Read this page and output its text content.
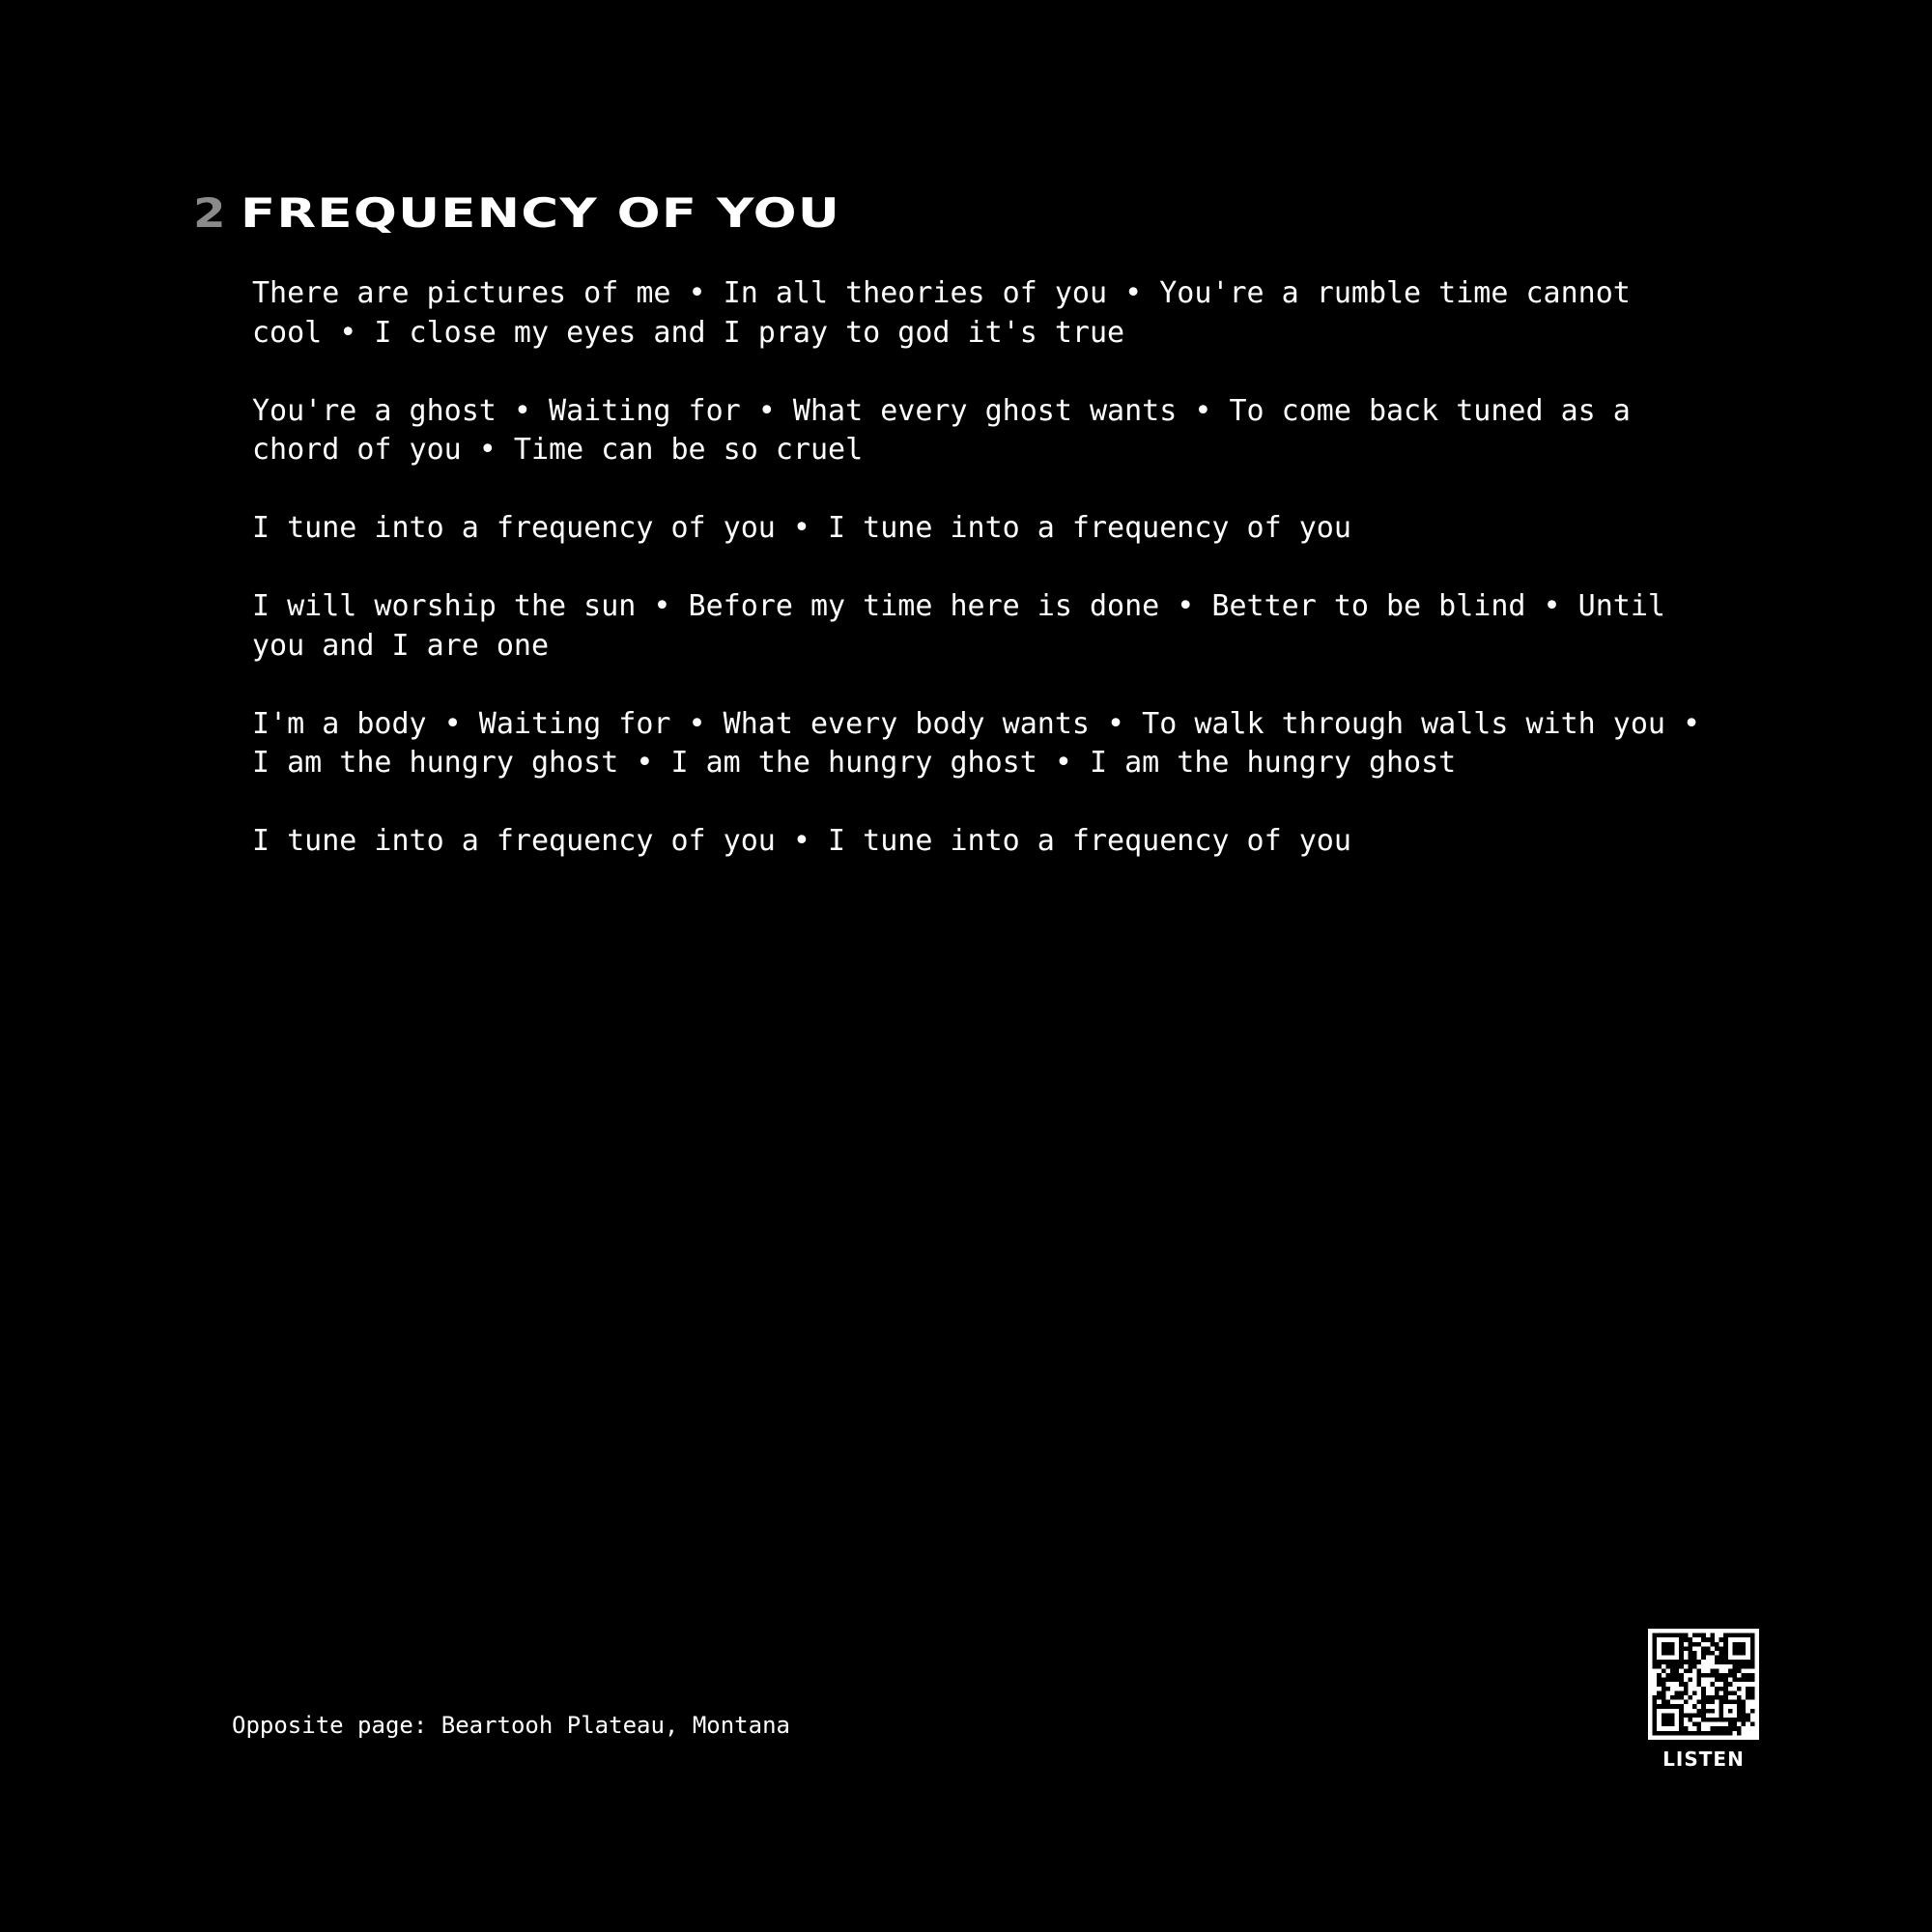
2 FREQUENCY OF YOU

There are pictures of me • In all theories of you • You're a rumble time cannot
cool • I close my eyes and I pray to god it's true

You're a ghost • Waiting for • What every ghost wants • To come back tuned as a
chord of you • Time can be so cruel

I tune into a frequency of you • I tune into a frequency of you

I will worship the sun • Before my time here is done • Better to be blind • Until
you and I are one

I'm a body • Waiting for • What every body wants • To walk through walls with you •
I am the hungry ghost • I am the hungry ghost • I am the hungry ghost

I tune into a frequency of you • I tune into a frequency of you

Opposite page: Beartooh Plateau, Montana
LISTEN
